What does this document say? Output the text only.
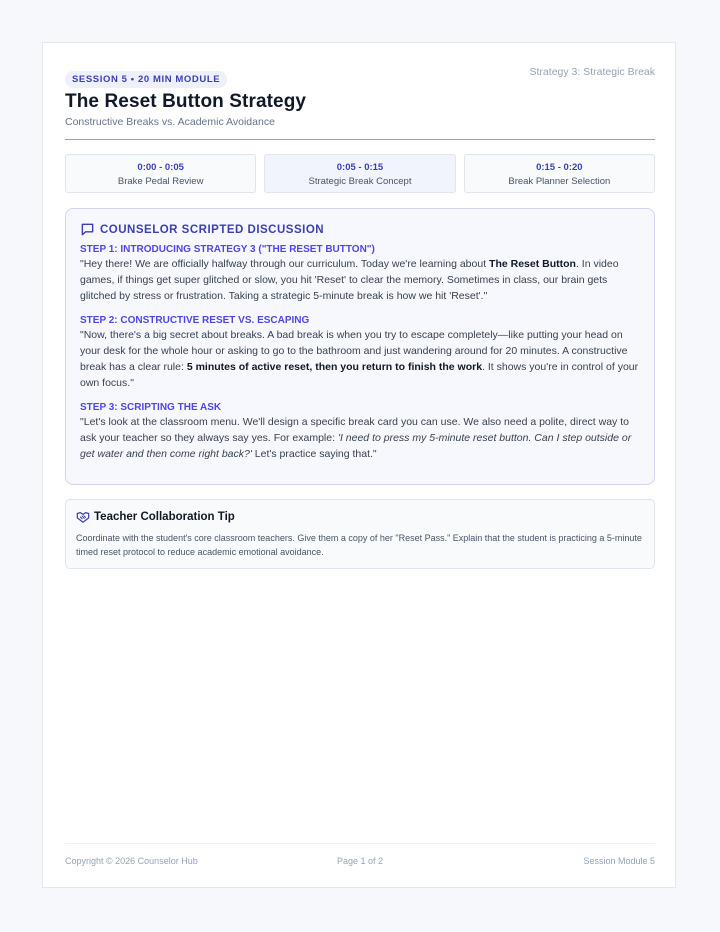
SESSION 5 • 20 MIN MODULE
Strategy 3: Strategic Break
The Reset Button Strategy
Constructive Breaks vs. Academic Avoidance
0:00 - 0:05
Brake Pedal Review
0:05 - 0:15
Strategic Break Concept
0:15 - 0:20
Break Planner Selection
COUNSELOR SCRIPTED DISCUSSION
STEP 1: INTRODUCING STRATEGY 3 ("THE RESET BUTTON")

"Hey there! We are officially halfway through our curriculum. Today we're learning about The Reset Button. In video games, if things get super glitched or slow, you hit 'Reset' to clear the memory. Sometimes in class, our brain gets glitched by stress or frustration. Taking a strategic 5-minute break is how we hit 'Reset'."

STEP 2: CONSTRUCTIVE RESET VS. ESCAPING

"Now, there's a big secret about breaks. A bad break is when you try to escape completely—like putting your head on your desk for the whole hour or asking to go to the bathroom and just wandering around for 20 minutes. A constructive break has a clear rule: 5 minutes of active reset, then you return to finish the work. It shows you're in control of your own focus."

STEP 3: SCRIPTING THE ASK

"Let's look at the classroom menu. We'll design a specific break card you can use. We also need a polite, direct way to ask your teacher so they always say yes. For example: 'I need to press my 5-minute reset button. Can I step outside or get water and then come right back?' Let's practice saying that."

Teacher Collaboration Tip
Coordinate with the student's core classroom teachers. Give them a copy of her "Reset Pass." Explain that the student is practicing a 5-minute timed reset protocol to reduce academic emotional avoidance.
Copyright © 2026 Counselor Hub	Page 1 of 2	Session Module 5
